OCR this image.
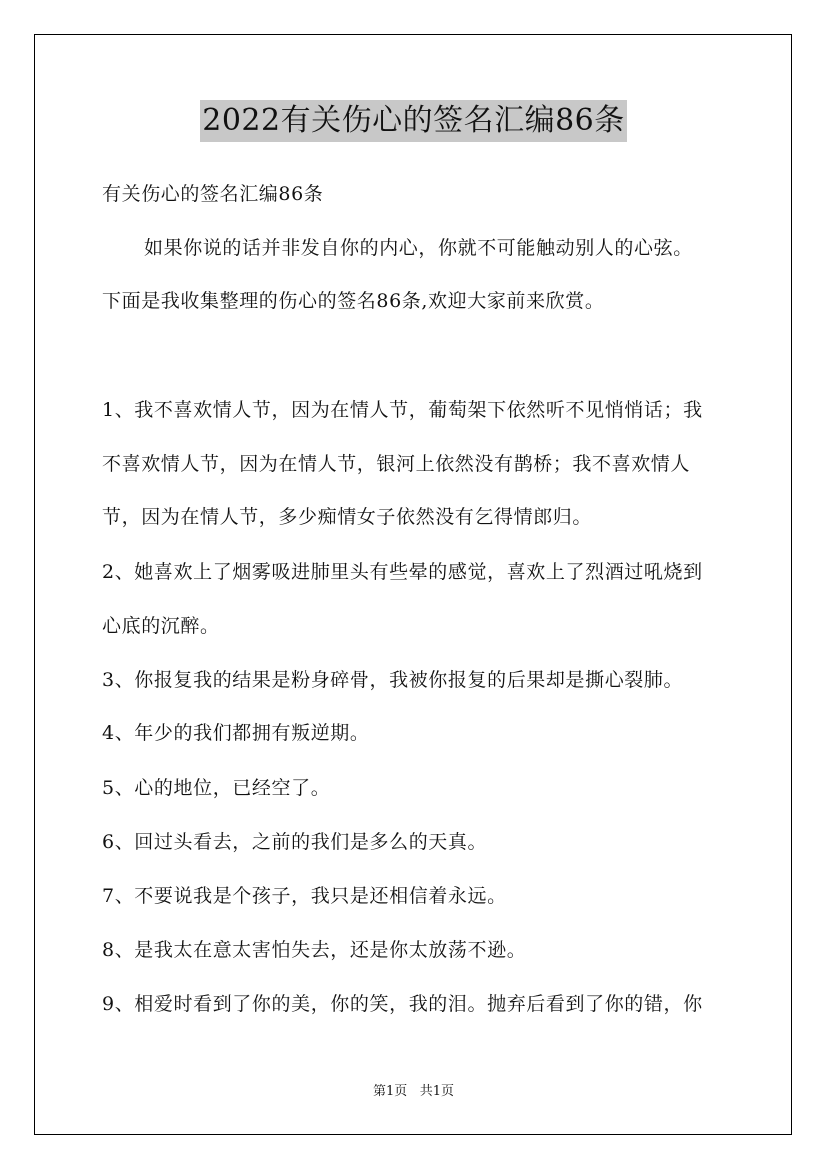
2022有关伤心的签名汇编86条
有关伤心的签名汇编86条
如果你说的话并非发自你的内心，你就不可能触动别人的心弦。
下面是我收集整理的伤心的签名86条,欢迎大家前来欣赏。
1、我不喜欢情人节，因为在情人节，葡萄架下依然听不见悄悄话；我
不喜欢情人节，因为在情人节，银河上依然没有鹊桥；我不喜欢情人
节，因为在情人节，多少痴情女子依然没有乞得情郎归。
2、她喜欢上了烟雾吸进肺里头有些晕的感觉，喜欢上了烈酒过吼烧到
心底的沉醉。
3、你报复我的结果是粉身碎骨，我被你报复的后果却是撕心裂肺。
4、年少的我们都拥有叛逆期。
5、心的地位，已经空了。
6、回过头看去，之前的我们是多么的天真。
7、不要说我是个孩子，我只是还相信着永远。
8、是我太在意太害怕失去，还是你太放荡不逊。
9、相爱时看到了你的美，你的笑，我的泪。抛弃后看到了你的错，你
第1页 共1页
